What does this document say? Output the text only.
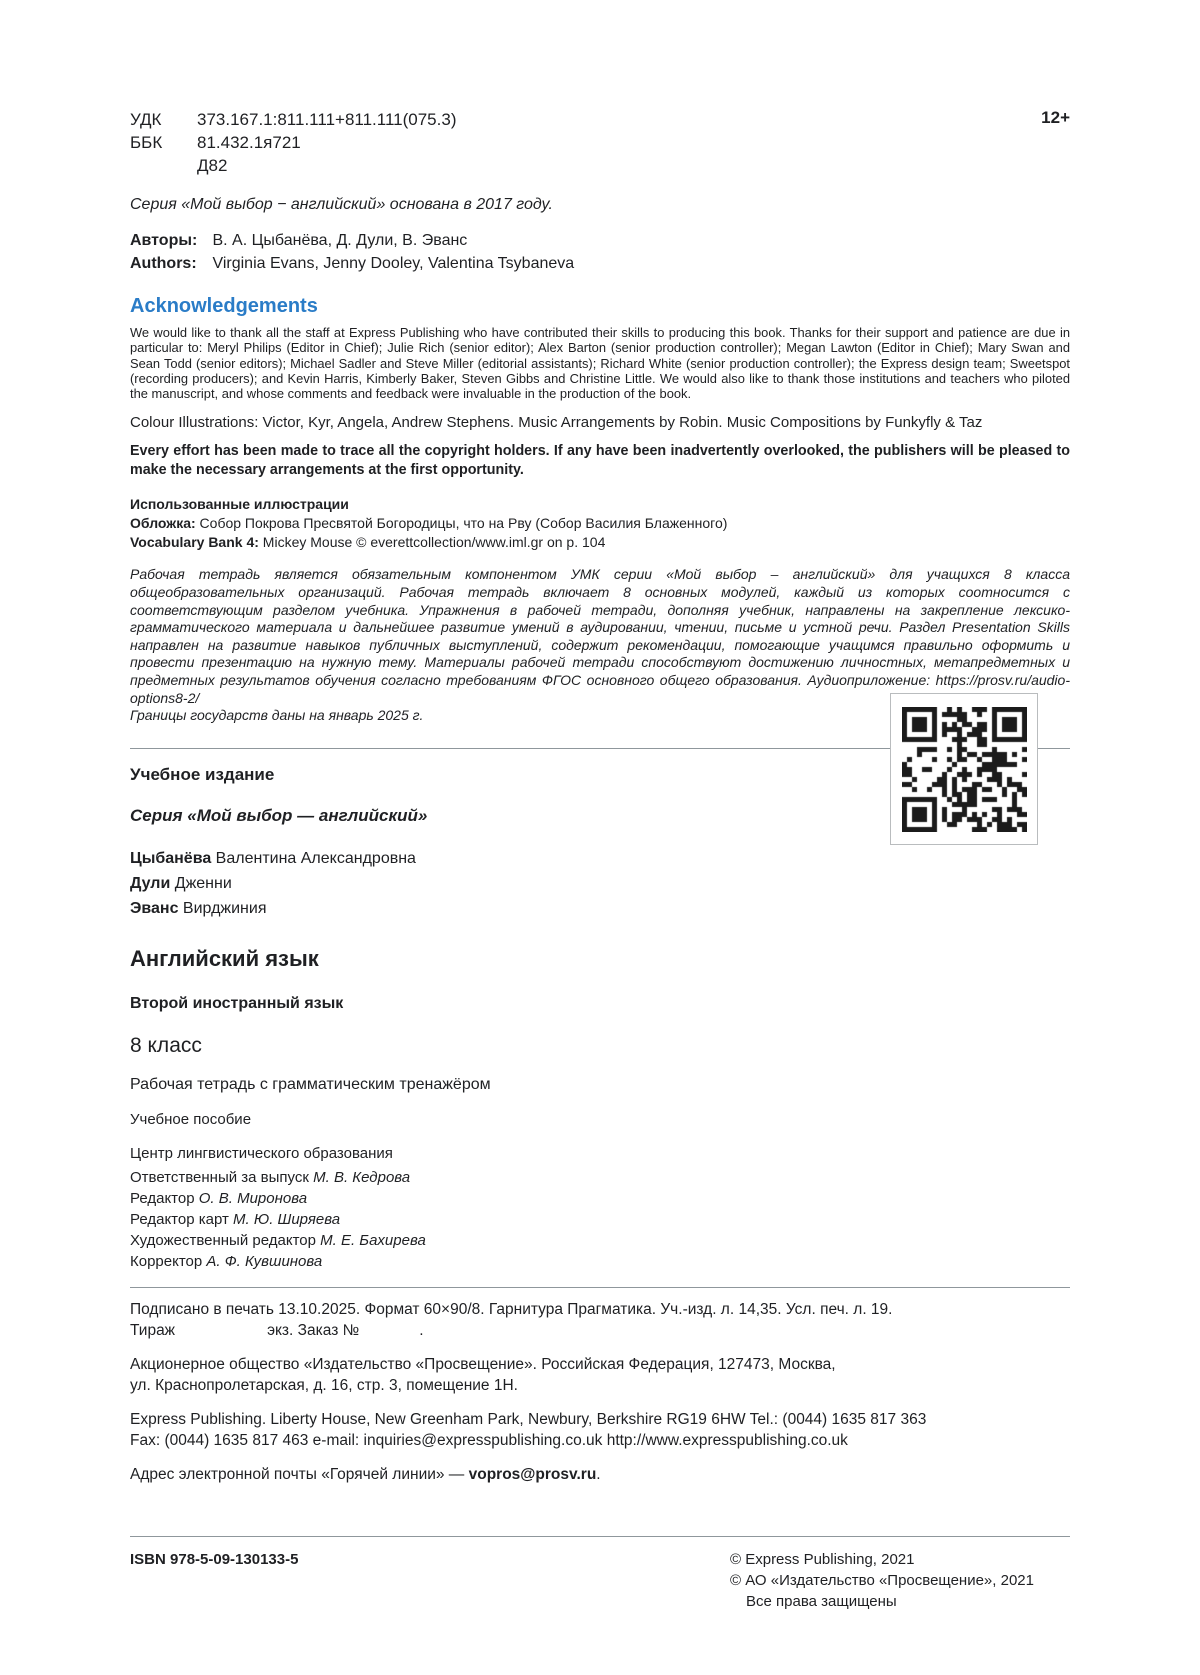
УДК	373.167.1:811.111+811.111(075.3)
ББК	81.432.1я721
Д82
12+

Серия «Мой выбор − английский» основана в 2017 году.

Авторы: В. А. Цыбанёва, Д. Дули, В. Эванс

Authors: Virginia Evans, Jenny Dooley, Valentina Tsybaneva

Acknowledgements

We would like to thank all the staff at Express Publishing who have contributed their skills to producing this book. Thanks for their support and patience are due in particular to: Meryl Philips (Editor in Chief); Julie Rich (senior editor); Alex Barton (senior production controller); Megan Lawton (Editor in Chief); Mary Swan and Sean Todd (senior editors); Michael Sadler and Steve Miller (editorial assistants); Richard White (senior production controller); the Express design team; Sweetspot (recording producers); and Kevin Harris, Kimberly Baker, Steven Gibbs and Christine Little. We would also like to thank those institutions and teachers who piloted the manuscript, and whose comments and feedback were invaluable in the production of the book.

Colour Illustrations: Victor, Kyr, Angela, Andrew Stephens. Music Arrangements by Robin. Music Compositions by Funkyfly & Taz

Every effort has been made to trace all the copyright holders. If any have been inadvertently overlooked, the publishers will be pleased to make the necessary arrangements at the first opportunity.

Использованные иллюстрации

Обложка: Собор Покрова Пресвятой Богородицы, что на Рву (Собор Василия Блаженного)

Vocabulary Bank 4: Mickey Mouse © everettcollection/www.iml.gr on p. 104

Рабочая тетрадь является обязательным компонентом УМК серии «Мой выбор – английский» для учащихся 8 класса общеобразовательных организаций. Рабочая тетрадь включает 8 основных модулей, каждый из которых соотносится с соответствующим разделом учебника. Упражнения в рабочей тетради, дополняя учебник, направлены на закрепление лексико-грамматического материала и дальнейшее развитие умений в аудировании, чтении, письме и устной речи. Раздел Presentation Skills направлен на развитие навыков публичных выступлений, содержит рекомендации, помогающие учащимся правильно оформить и провести презентацию на нужную тему. Материалы рабочей тетради способствуют достижению личностных, метапредметных и предметных результатов обучения согласно требованиям ФГОС основного общего образования. Аудиоприложение: https://prosv.ru/audio-options8-2/

Границы государств даны на январь 2025 г.

Учебное издание

Серия «Мой выбор — английский»

Цыбанёва Валентина Александровна

Дули Дженни

Эванс Вирджиния

Английский язык

Второй иностранный язык

8 класс

Рабочая тетрадь с грамматическим тренажёром

Учебное пособие

Центр лингвистического образования

Ответственный за выпуск М. В. Кедрова

Редактор О. В. Миронова

Редактор карт М. Ю. Ширяева

Художественный редактор М. Е. Бахирева

Корректор А. Ф. Кувшинова

Подписано в печать 13.10.2025. Формат 60×90/8. Гарнитура Прагматика. Уч.-изд. л. 14,35. Усл. печ. л. 19.

Тираж	экз. Заказ №	.

Акционерное общество «Издательство «Просвещение». Российская Федерация, 127473, Москва,

ул. Краснопролетарская, д. 16, стр. 3, помещение 1Н.

Express Publishing. Liberty House, New Greenham Park, Newbury, Berkshire RG19 6HW Tel.: (0044) 1635 817 363

Fax: (0044) 1635 817 463 e-mail: inquiries@expresspublishing.co.uk http://www.expresspublishing.co.uk

Адрес электронной почты «Горячей линии» — vopros@prosv.ru.

ISBN 978-5-09-130133-5	© Express Publishing, 2021

© АО «Издательство «Просвещение», 2021

Все права защищены
